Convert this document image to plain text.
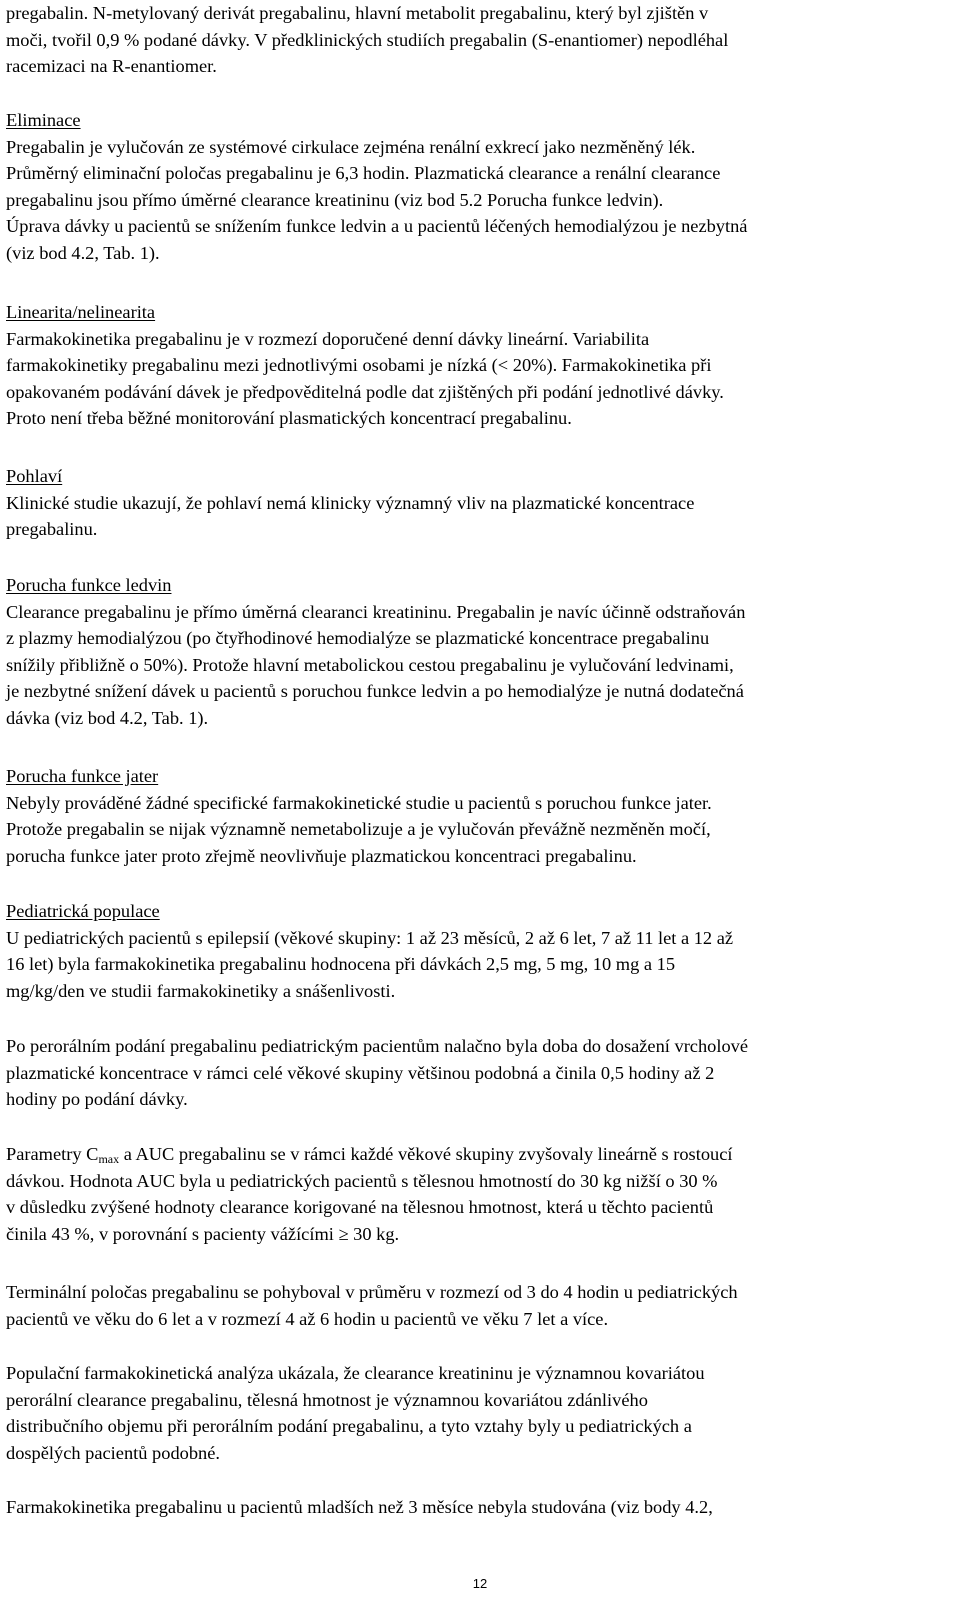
pregabalin. N-metylovaný derivát pregabalinu, hlavní metabolit pregabalinu, který byl zjištěn v
moči, tvořil 0,9 % podané dávky. V předklinických studiích pregabalin (S-enantiomer) nepodléhal
racemizaci na R-enantiomer.
Eliminace
Pregabalin je vylučován ze systémové cirkulace zejména renální exkrecí jako nezměněný lék.
Průměrný eliminační poločas pregabalinu je 6,3 hodin. Plazmatická clearance a renální clearance
pregabalinu jsou přímo úměrné clearance kreatininu (viz bod 5.2 Porucha funkce ledvin).
Úprava dávky u pacientů se snížením funkce ledvin a u pacientů léčených hemodialýzou je nezbytná
(viz bod 4.2, Tab. 1).
Linearita/nelinearita
Farmakokinetika pregabalinu je v rozmezí doporučené denní dávky lineární. Variabilita
farmakokinetiky pregabalinu mezi jednotlivými osobami je nízká (< 20%). Farmakokinetika při
opakovaném podávání dávek je předpověditelná podle dat zjištěných při podání jednotlivé dávky.
Proto není třeba běžné monitorování plasmatických koncentrací pregabalinu.
Pohlaví
Klinické studie ukazují, že pohlaví nemá klinicky významný vliv na plazmatické koncentrace
pregabalinu.
Porucha funkce ledvin
Clearance pregabalinu je přímo úměrná clearanci kreatininu. Pregabalin je navíc účinně odstraňován
z plazmy hemodialýzou (po čtyřhodinové hemodialýze se plazmatické koncentrace pregabalinu
snížily přibližně o 50%). Protože hlavní metabolickou cestou pregabalinu je vylučování ledvinami,
je nezbytné snížení dávek u pacientů s poruchou funkce ledvin a po hemodialýze je nutná dodatečná
dávka (viz bod 4.2, Tab. 1).
Porucha funkce jater
Nebyly prováděné žádné specifické farmakokinetické studie u pacientů s poruchou funkce jater.
Protože pregabalin se nijak významně nemetabolizuje a je vylučován převážně nezměněn močí,
porucha funkce jater proto zřejmě neovlivňuje plazmatickou koncentraci pregabalinu.
Pediatrická populace
U pediatrických pacientů s epilepsií (věkové skupiny: 1 až 23 měsíců, 2 až 6 let, 7 až 11 let a 12 až
16 let) byla farmakokinetika pregabalinu hodnocena při dávkách 2,5 mg, 5 mg, 10 mg a 15
mg/kg/den ve studii farmakokinetiky a snášenlivosti.
Po perorálním podání pregabalinu pediatrickým pacientům nalačno byla doba do dosažení vrcholové
plazmatické koncentrace v rámci celé věkové skupiny většinou podobná a činila 0,5 hodiny až 2
hodiny po podání dávky.
Parametry $C_{max}$ a AUC pregabalinu se v rámci každé věkové skupiny zvyšovaly lineárně s rostoucí
dávkou. Hodnota AUC byla u pediatrických pacientů s tělesnou hmotností do 30 kg nižší o 30 %
v důsledku zvýšené hodnoty clearance korigované na tělesnou hmotnost, která u těchto pacientů
činila 43 %, v porovnání s pacienty vážícími ≥ 30 kg.
Terminální poločas pregabalinu se pohyboval v průměru v rozmezí od 3 do 4 hodin u pediatrických
pacientů ve věku do 6 let a v rozmezí 4 až 6 hodin u pacientů ve věku 7 let a více.
Populační farmakokinetická analýza ukázala, že clearance kreatininu je významnou kovariátou
perorální clearance pregabalinu, tělesná hmotnost je významnou kovariátou zdánlivého
distribučního objemu při perorálním podání pregabalinu, a tyto vztahy byly u pediatrických a
dospělých pacientů podobné.
Farmakokinetika pregabalinu u pacientů mladších než 3 měsíce nebyla studována (viz body 4.2,
12
